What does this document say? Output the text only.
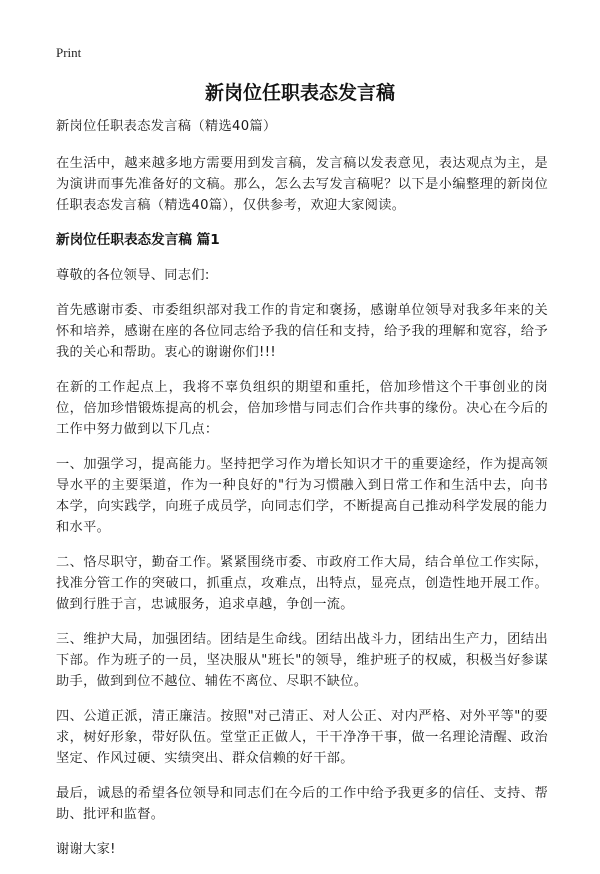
Print
新岗位任职表态发言稿

新岗位任职表态发言稿（精选40篇）

在生活中，越来越多地方需要用到发言稿，发言稿以发表意见，表达观点为主，是为演讲而事先准备好的文稿。那么，怎么去写发言稿呢？以下是小编整理的新岗位任职表态发言稿（精选40篇），仅供参考，欢迎大家阅读。

新岗位任职表态发言稿 篇1

尊敬的各位领导、同志们:

首先感谢市委、市委组织部对我工作的肯定和褒扬，感谢单位领导对我多年来的关怀和培养，感谢在座的各位同志给予我的信任和支持，给予我的理解和宽容，给予我的关心和帮助。衷心的谢谢你们!!!

在新的工作起点上，我将不辜负组织的期望和重托，倍加珍惜这个干事创业的岗位，倍加珍惜锻炼提高的机会，倍加珍惜与同志们合作共事的缘份。决心在今后的工作中努力做到以下几点：

一、加强学习，提高能力。坚持把学习作为增长知识才干的重要途经，作为提高领导水平的主要渠道，作为一种良好的"行为习惯融入到日常工作和生活中去，向书本学，向实践学，向班子成员学，向同志们学，不断提高自己推动科学发展的能力和水平。

二、恪尽职守，勤奋工作。紧紧围绕市委、市政府工作大局，结合单位工作实际，找准分管工作的突破口，抓重点，攻难点，出特点，显亮点，创造性地开展工作。做到行胜于言，忠诚服务，追求卓越，争创一流。

三、维护大局，加强团结。团结是生命线。团结出战斗力，团结出生产力，团结出下部。作为班子的一员，坚决服从"班长"的领导，维护班子的权威，积极当好参谋助手，做到到位不越位、辅佐不离位、尽职不缺位。

四、公道正派，清正廉洁。按照"对己清正、对人公正、对内严格、对外平等"的要求，树好形象，带好队伍。堂堂正正做人，干干净净干事，做一名理论清醒、政治坚定、作风过硬、实绩突出、群众信赖的好干部。

最后，诚恳的希望各位领导和同志们在今后的工作中给予我更多的信任、支持、帮助、批评和监督。

谢谢大家!
